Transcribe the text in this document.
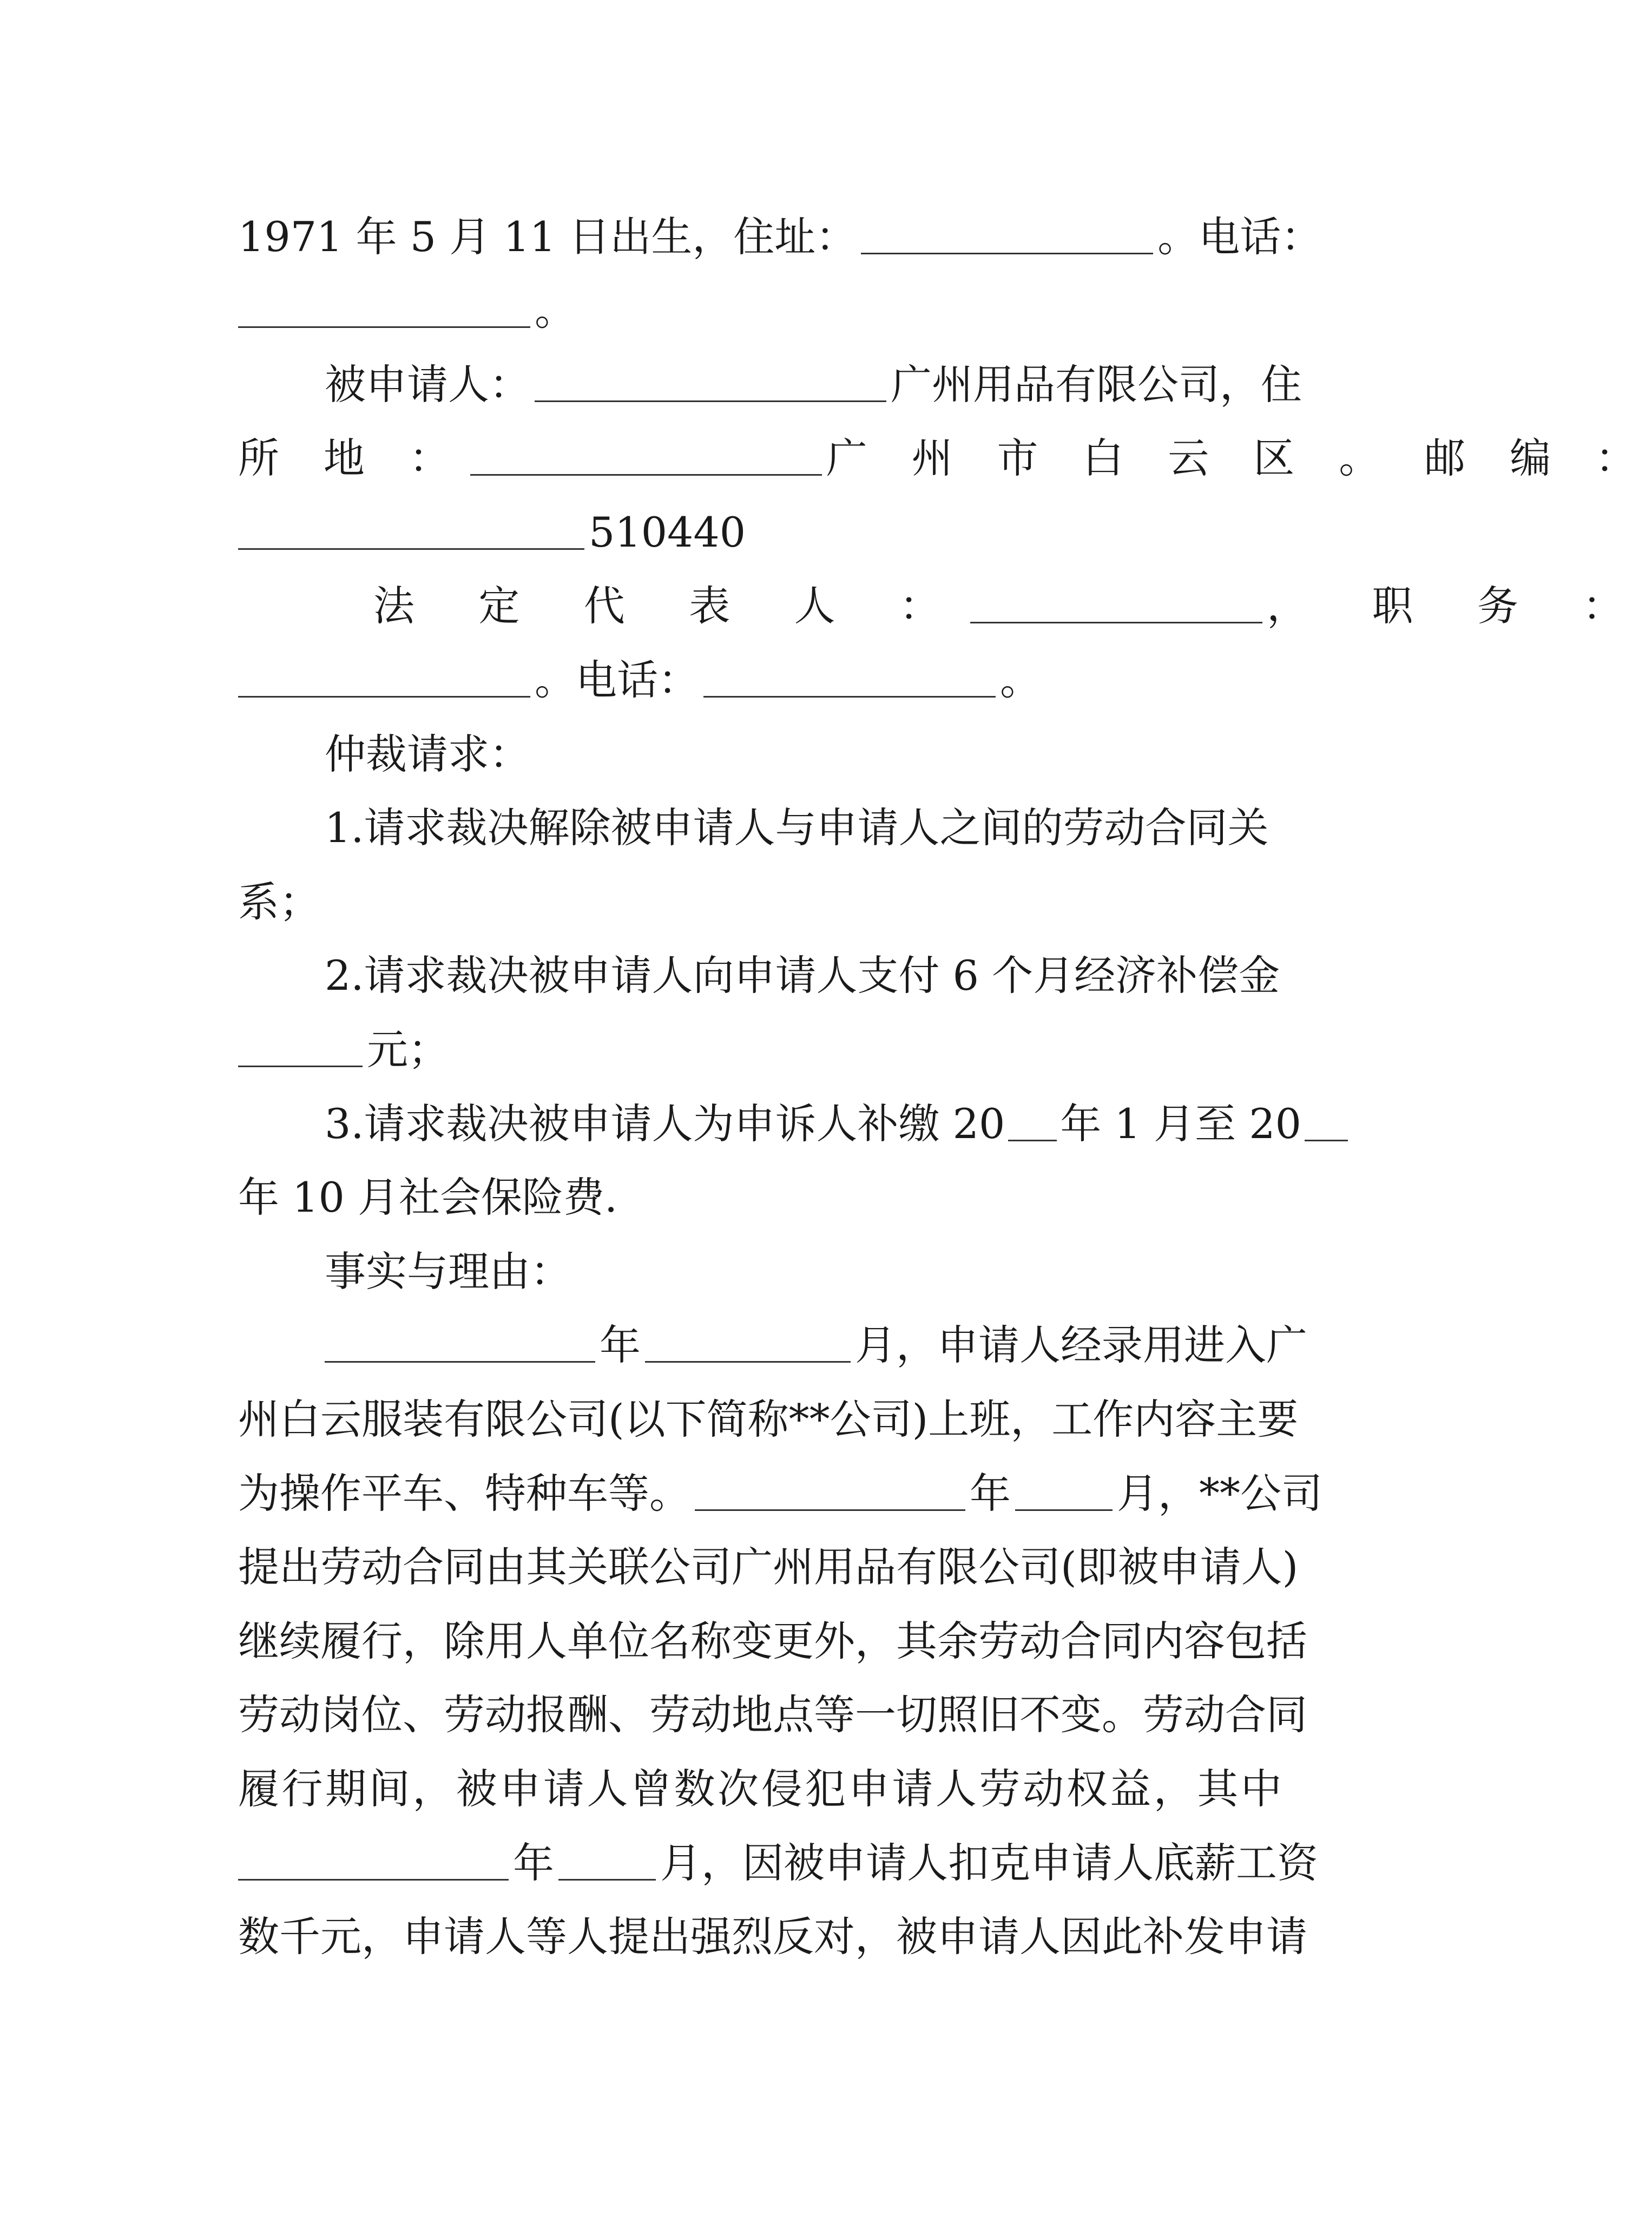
1971 年 5 月 11 日出生，住址：	。电话：
。
被申请人：	广州用品有限公司，住
所 地 ：	广 州 市 白 云 区 。 邮 编 ：
510440
法 定 代 表 人 ：	， 职 务 ：
。电话：	。
仲裁请求：
1.请求裁决解除被申请人与申请人之间的劳动合同关
系；
2.请求裁决被申请人向申请人支付 6 个月经济补偿金
元；
3.请求裁决被申请人为申诉人补缴 20 年 1 月至 20
年 10 月社会保险费.
事实与理由：
年	月，申请人经录用进入广
州白云服装有限公司(以下简称**公司)上班，工作内容主要
为操作平车、特种车等。	年	月，**公司
提出劳动合同由其关联公司广州用品有限公司(即被申请人)
继续履行，除用人单位名称变更外，其余劳动合同内容包括
劳动岗位、劳动报酬、劳动地点等一切照旧不变。劳动合同
履行期间，被申请人曾数次侵犯申请人劳动权益，其中
年	月，因被申请人扣克申请人底薪工资
数千元，申请人等人提出强烈反对，被申请人因此补发申请
